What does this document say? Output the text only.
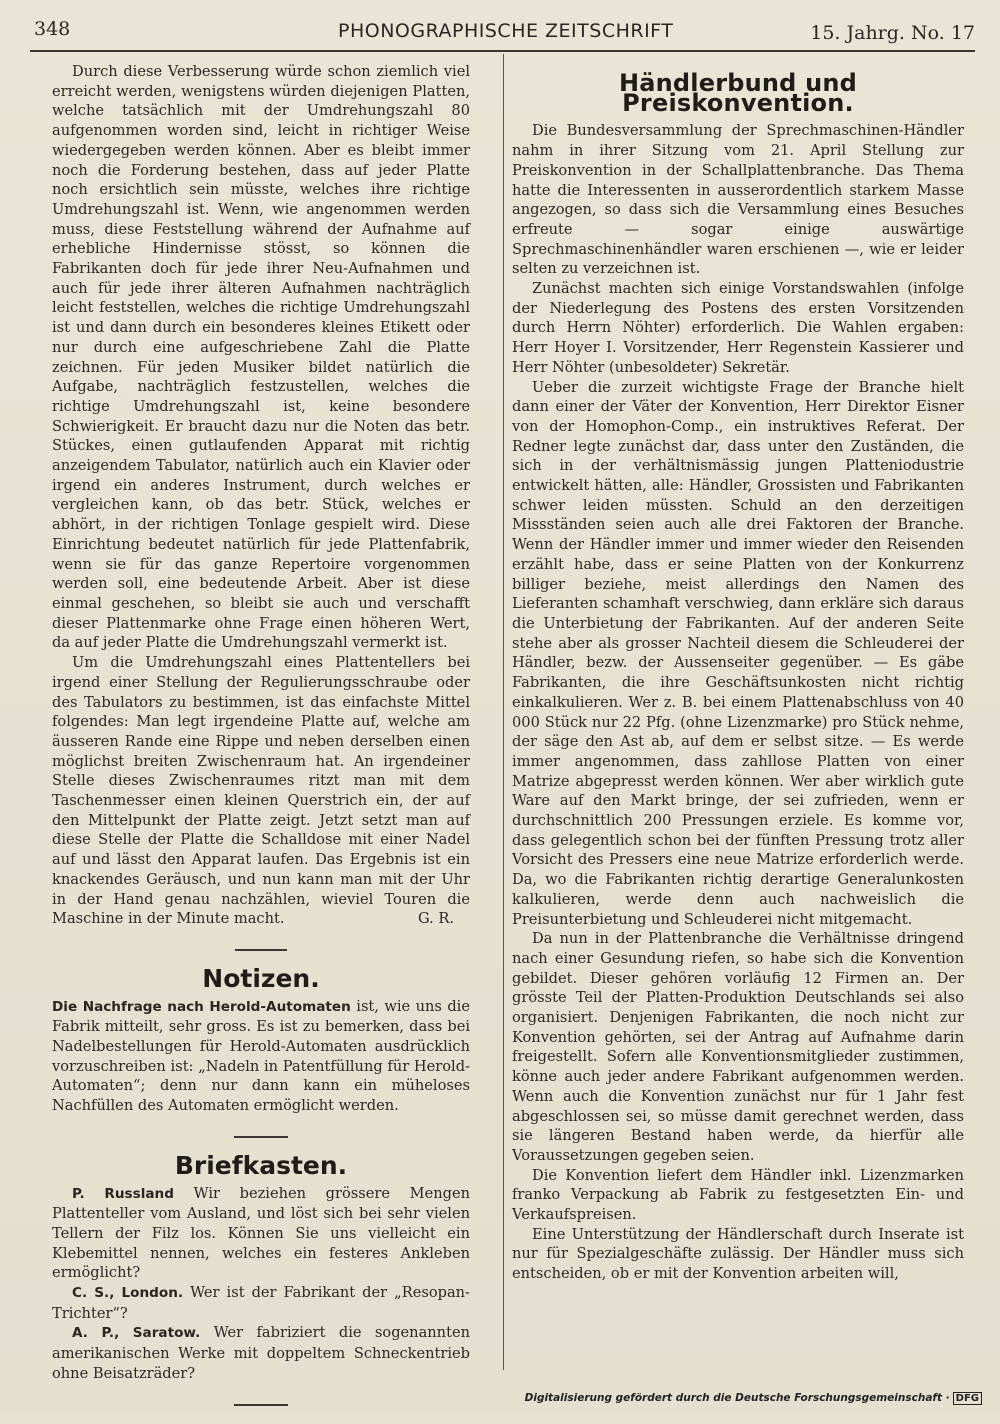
348	PHONOGRAPHISCHE ZEITSCHRIFT	15. Jahrg. No. 17

Durch diese Verbesserung würde schon ziemlich viel erreicht werden, wenigstens würden diejenigen Platten, welche tatsächlich mit der Umdrehungszahl 80 aufgenommen worden sind, leicht in richtiger Weise wiedergegeben werden können. Aber es bleibt immer noch die Forderung bestehen, dass auf jeder Platte noch ersichtlich sein müsste, welches ihre richtige Umdrehungszahl ist. Wenn, wie angenommen werden muss, diese Feststellung während der Aufnahme auf erhebliche Hindernisse stösst, so können die Fabrikanten doch für jede ihrer Neu-Aufnahmen und auch für jede ihrer älteren Aufnahmen nachträglich leicht feststellen, welches die richtige Umdrehungszahl ist und dann durch ein besonderes kleines Etikett oder nur durch eine aufgeschriebene Zahl die Platte zeichnen. Für jeden Musiker bildet natürlich die Aufgabe, nachträglich festzustellen, welches die richtige Umdrehungszahl ist, keine besondere Schwierigkeit. Er braucht dazu nur die Noten das betr. Stückes, einen gutlaufenden Apparat mit richtig anzeigendem Tabulator, natürlich auch ein Klavier oder irgend ein anderes Instrument, durch welches er vergleichen kann, ob das betr. Stück, welches er abhört, in der richtigen Tonlage gespielt wird. Diese Einrichtung bedeutet natürlich für jede Plattenfabrik, wenn sie für das ganze Repertoire vorgenommen werden soll, eine bedeutende Arbeit. Aber ist diese einmal geschehen, so bleibt sie auch und verschafft dieser Plattenmarke ohne Frage einen höheren Wert, da auf jeder Platte die Umdrehungszahl vermerkt ist.

Um die Umdrehungszahl eines Plattentellers bei irgend einer Stellung der Regulierungsschraube oder des Tabulators zu bestimmen, ist das einfachste Mittel folgendes: Man legt irgendeine Platte auf, welche am äusseren Rande eine Rippe und neben derselben einen möglichst breiten Zwischenraum hat. An irgendeiner Stelle dieses Zwischenraumes ritzt man mit dem Taschenmesser einen kleinen Querstrich ein, der auf den Mittelpunkt der Platte zeigt. Jetzt setzt man auf diese Stelle der Platte die Schalldose mit einer Nadel auf und lässt den Apparat laufen. Das Ergebnis ist ein knackendes Geräusch, und nun kann man mit der Uhr in der Hand genau nachzählen, wieviel Touren die Maschine in der Minute macht.	G. R.

Notizen.

Die Nachfrage nach Herold-Automaten ist, wie uns die Fabrik mitteilt, sehr gross. Es ist zu bemerken, dass bei Nadelbestellungen für Herold-Automaten ausdrücklich vorzuschreiben ist: „Nadeln in Patentfüllung für Herold-Automaten“; denn nur dann kann ein müheloses Nachfüllen des Automaten ermöglicht werden.

Briefkasten.

P. Russland Wir beziehen grössere Mengen Plattenteller vom Ausland, und löst sich bei sehr vielen Tellern der Filz los. Können Sie uns vielleicht ein Klebemittel nennen, welches ein festeres Ankleben ermöglicht?

C. S., London. Wer ist der Fabrikant der „Resopan-Trichter“?

A. P., Saratow. Wer fabriziert die sogenannten amerikanischen Werke mit doppeltem Schneckentrieb ohne Beisatzräder?

Händlerbund und Preiskonvention.

Die Bundesversammlung der Sprechmaschinen-Händler nahm in ihrer Sitzung vom 21. April Stellung zur Preiskonvention in der Schallplattenbranche. Das Thema hatte die Interessenten in ausserordentlich starkem Masse angezogen, so dass sich die Versammlung eines Besuches erfreute — sogar einige auswärtige Sprechmaschinenhändler waren erschienen —, wie er leider selten zu verzeichnen ist.

Zunächst machten sich einige Vorstandswahlen (infolge der Niederlegung des Postens des ersten Vorsitzenden durch Herrn Nöhter) erforderlich. Die Wahlen ergaben: Herr Hoyer I. Vorsitzender, Herr Regenstein Kassierer und Herr Nöhter (unbesoldeter) Sekretär.

Ueber die zurzeit wichtigste Frage der Branche hielt dann einer der Väter der Konvention, Herr Direktor Eisner von der Homophon-Comp., ein instruktives Referat. Der Redner legte zunächst dar, dass unter den Zuständen, die sich in der verhältnismässig jungen Platteniodustrie entwickelt hätten, alle: Händler, Grossisten und Fabrikanten schwer leiden müssten. Schuld an den derzeitigen Missständen seien auch alle drei Faktoren der Branche. Wenn der Händler immer und immer wieder den Reisenden erzählt habe, dass er seine Platten von der Konkurrenz billiger beziehe, meist allerdings den Namen des Lieferanten schamhaft verschwieg, dann erkläre sich daraus die Unterbietung der Fabrikanten. Auf der anderen Seite stehe aber als grosser Nachteil diesem die Schleuderei der Händler, bezw. der Aussenseiter gegenüber. — Es gäbe Fabrikanten, die ihre Geschäftsunkosten nicht richtig einkalkulieren. Wer z. B. bei einem Plattenabschluss von 40 000 Stück nur 22 Pfg. (ohne Lizenzmarke) pro Stück nehme, der säge den Ast ab, auf dem er selbst sitze. — Es werde immer angenommen, dass zahllose Platten von einer Matrize abgepresst werden können. Wer aber wirklich gute Ware auf den Markt bringe, der sei zufrieden, wenn er durchschnittlich 200 Pressungen erziele. Es komme vor, dass gelegentlich schon bei der fünften Pressung trotz aller Vorsicht des Pressers eine neue Matrize erforderlich werde. Da, wo die Fabrikanten richtig derartige Generalunkosten kalkulieren, werde denn auch nachweislich die Preisunterbietung und Schleuderei nicht mitgemacht.

Da nun in der Plattenbranche die Verhältnisse dringend nach einer Gesundung riefen, so habe sich die Konvention gebildet. Dieser gehören vorläufig 12 Firmen an. Der grösste Teil der Platten-Produktion Deutschlands sei also organisiert. Denjenigen Fabrikanten, die noch nicht zur Konvention gehörten, sei der Antrag auf Aufnahme darin freigestellt. Sofern alle Konventionsmitglieder zustimmen, könne auch jeder andere Fabrikant aufgenommen werden. Wenn auch die Konvention zunächst nur für 1 Jahr fest abgeschlossen sei, so müsse damit gerechnet werden, dass sie längeren Bestand haben werde, da hierfür alle Voraussetzungen gegeben seien.

Die Konvention liefert dem Händler inkl. Lizenzmarken franko Verpackung ab Fabrik zu festgesetzten Ein- und Verkaufspreisen.

Eine Unterstützung der Händlerschaft durch Inserate ist nur für Spezialgeschäfte zulässig. Der Händler muss sich entscheiden, ob er mit der Konvention arbeiten will,

Digitalisierung gefördert durch die Deutsche Forschungsgemeinschaft · DFG
